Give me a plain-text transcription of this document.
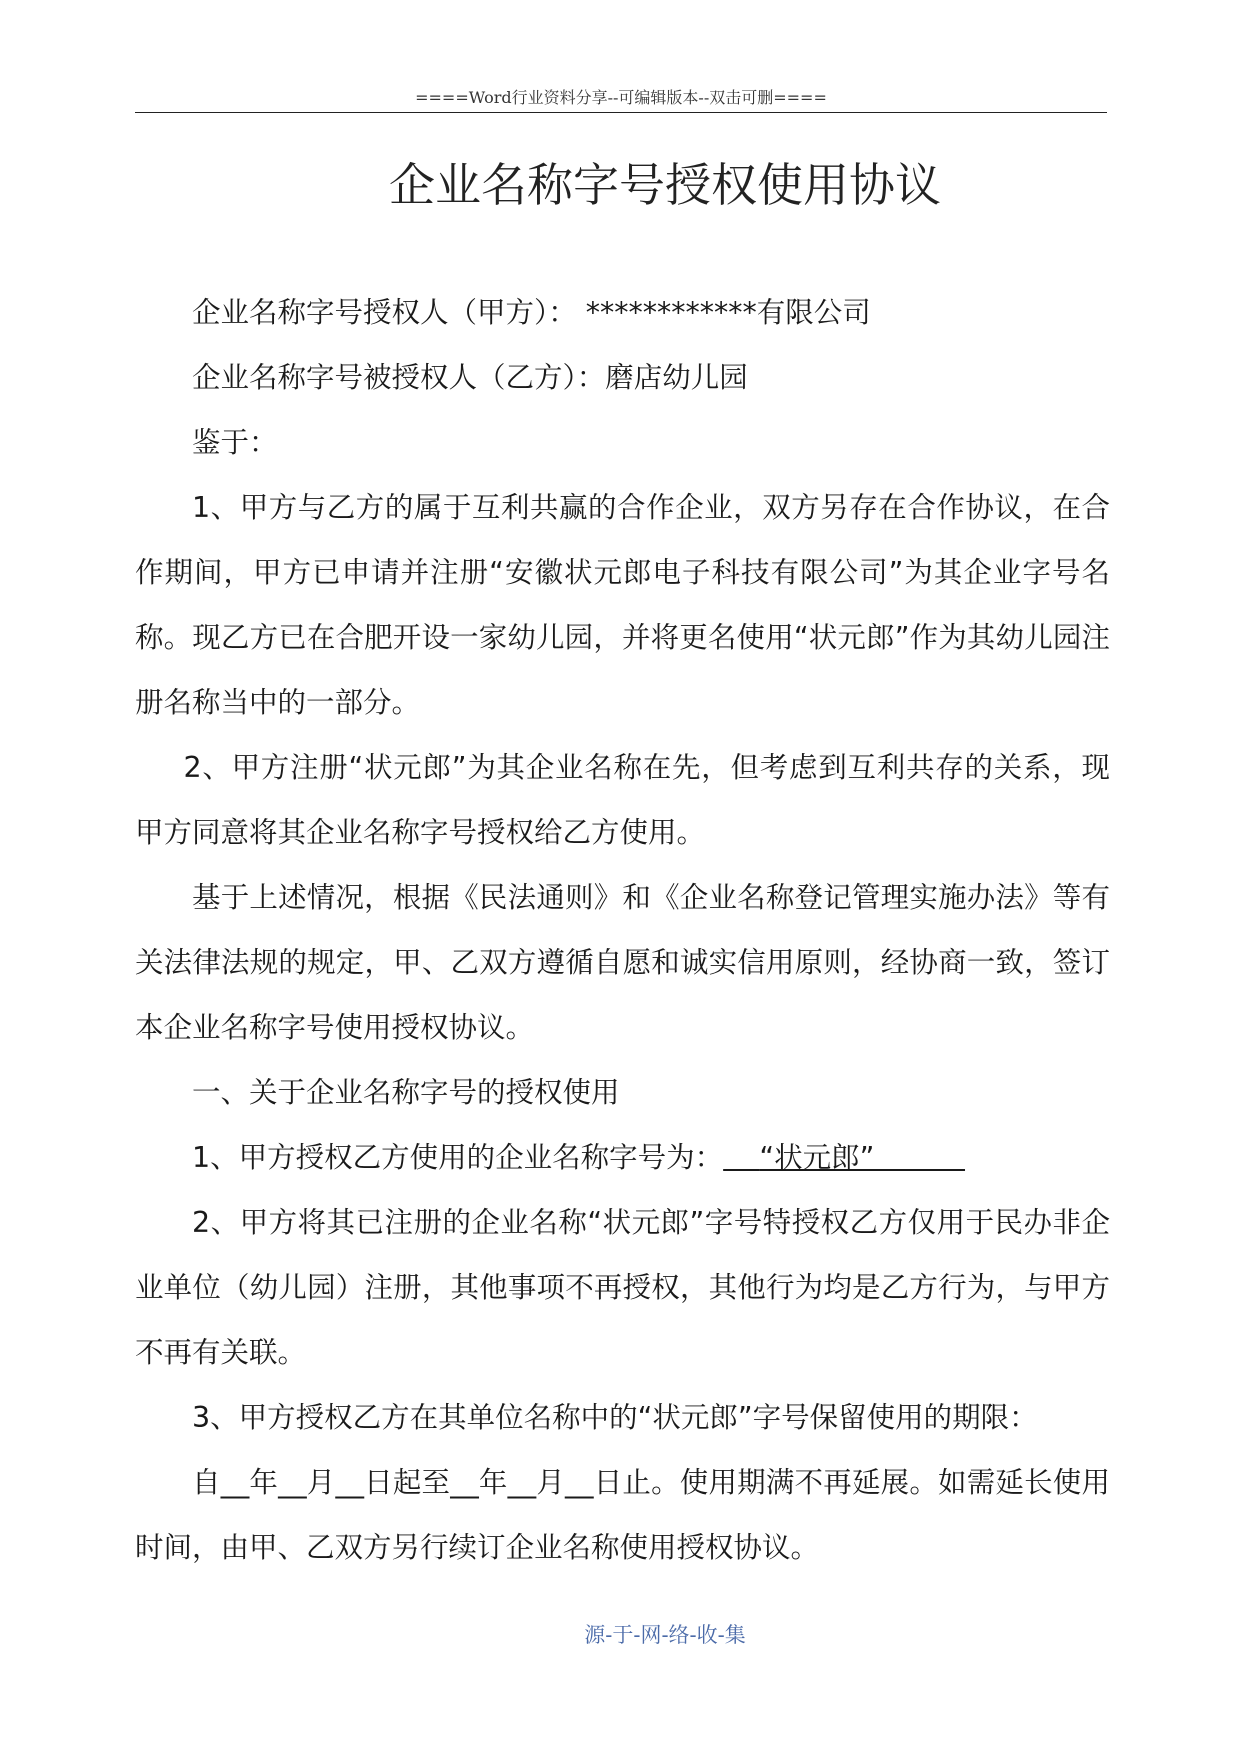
====Word行业资料分享--可编辑版本--双击可删====
企业名称字号授权使用协议

企业名称字号授权人（甲方）： ************有限公司

企业名称字号被授权人（乙方）：磨店幼儿园

鉴于：

1、甲方与乙方的属于互利共赢的合作企业，双方另存在合作协议，在合作期间，甲方已申请并注册“安徽状元郎电子科技有限公司”为其企业字号名称。现乙方已在合肥开设一家幼儿园，并将更名使用“状元郎”作为其幼儿园注册名称当中的一部分。

2、甲方注册“状元郎”为其企业名称在先，但考虑到互利共存的关系，现甲方同意将其企业名称字号授权给乙方使用。

基于上述情况，根据《民法通则》和《企业名称登记管理实施办法》等有关法律法规的规定，甲、乙双方遵循自愿和诚实信用原则，经协商一致，签订本企业名称字号使用授权协议。

一、关于企业名称字号的授权使用

1、甲方授权乙方使用的企业名称字号为：    “状元郎”

2、甲方将其已注册的企业名称“状元郎”字号特授权乙方仅用于民办非企业单位（幼儿园）注册，其他事项不再授权，其他行为均是乙方行为，与甲方不再有关联。

3、甲方授权乙方在其单位名称中的“状元郎”字号保留使用的期限：

自__年__月__日起至__年__月__日止。使用期满不再延展。如需延长使用时间，由甲、乙双方另行续订企业名称使用授权协议。

源-于-网-络-收-集
